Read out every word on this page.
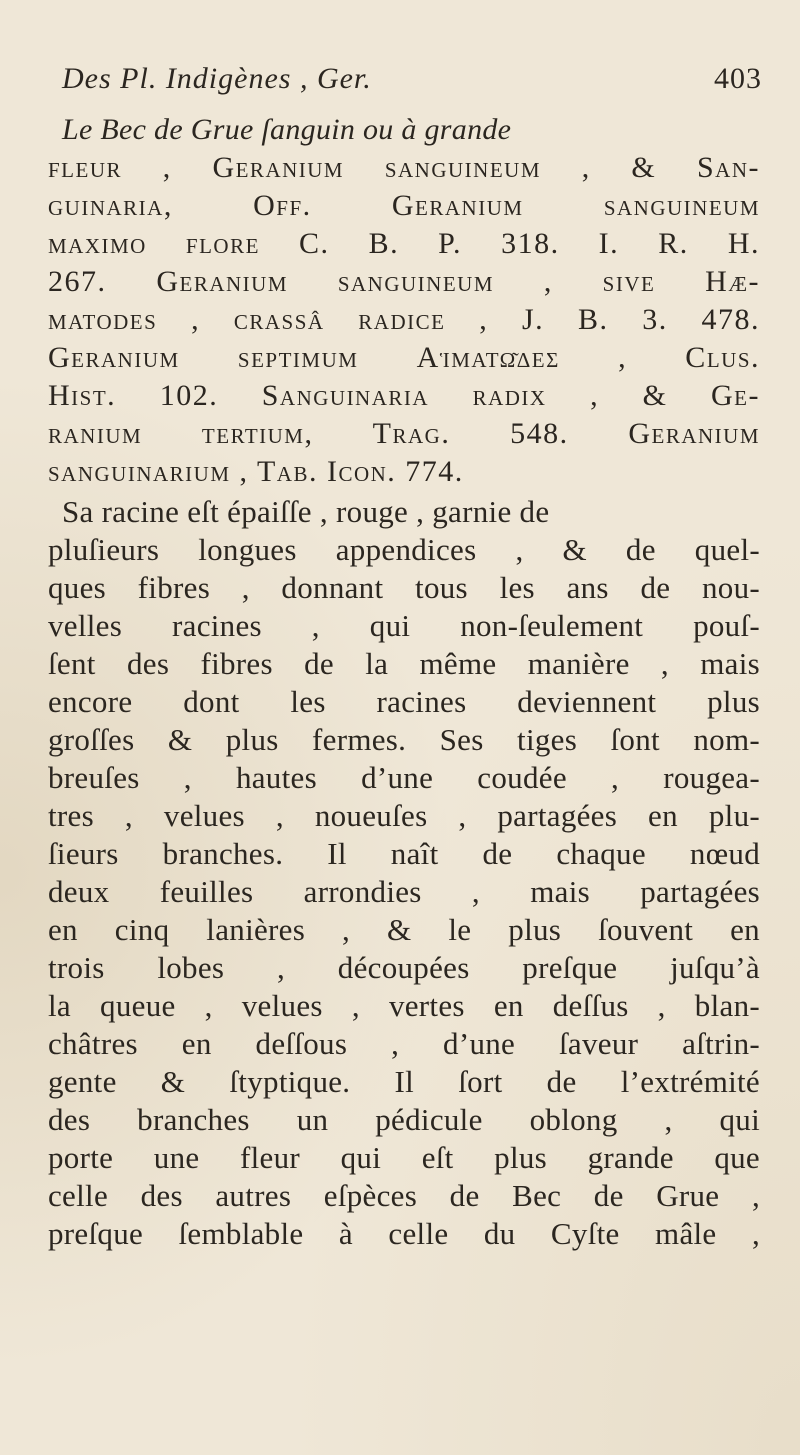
Des Pl. Indigènes , Ger.	403
Le Bec de Grue ſanguin ou à grande
fleur , Geranium sanguineum , & San-
guinaria, Off. Geranium sanguineum
maximo flore C. B. P. 318. I. R. H.
267. Geranium sanguineum , ſive Hæ-
matodes , craſsâ radice , J. B. 3. 478.
Geranium septimum Αἱματῶδες , Cluſ.
Hiſt. 102. Sanguinaria radix , & Ge-
ranium tertium, Trag. 548. Geranium
sanguinarium , Tab. Icon. 774.
Sa racine eſt épaiſſe , rouge , garnie de
pluſieurs longues appendices , & de quel-
ques fibres , donnant tous les ans de nou-
velles racines , qui non-ſeulement pouſ-
ſent des fibres de la même manière , mais
encore dont les racines deviennent plus
groſſes & plus fermes. Ses tiges ſont nom-
breuſes , hautes d’une coudée , rougea-
tres , velues , noueuſes , partagées en plu-
ſieurs branches. Il naît de chaque nœud
deux feuilles arrondies , mais partagées
en cinq lanières , & le plus ſouvent en
trois lobes , découpées preſque juſqu’à
la queue , velues , vertes en deſſus , blan-
châtres en deſſous , d’une ſaveur aſtrin-
gente & ſtyptique. Il ſort de l’extrémité
des branches un pédicule oblong , qui
porte une fleur qui eſt plus grande que
celle des autres eſpèces de Bec de Grue ,
preſque ſemblable à celle du Cyſte mâle ,
